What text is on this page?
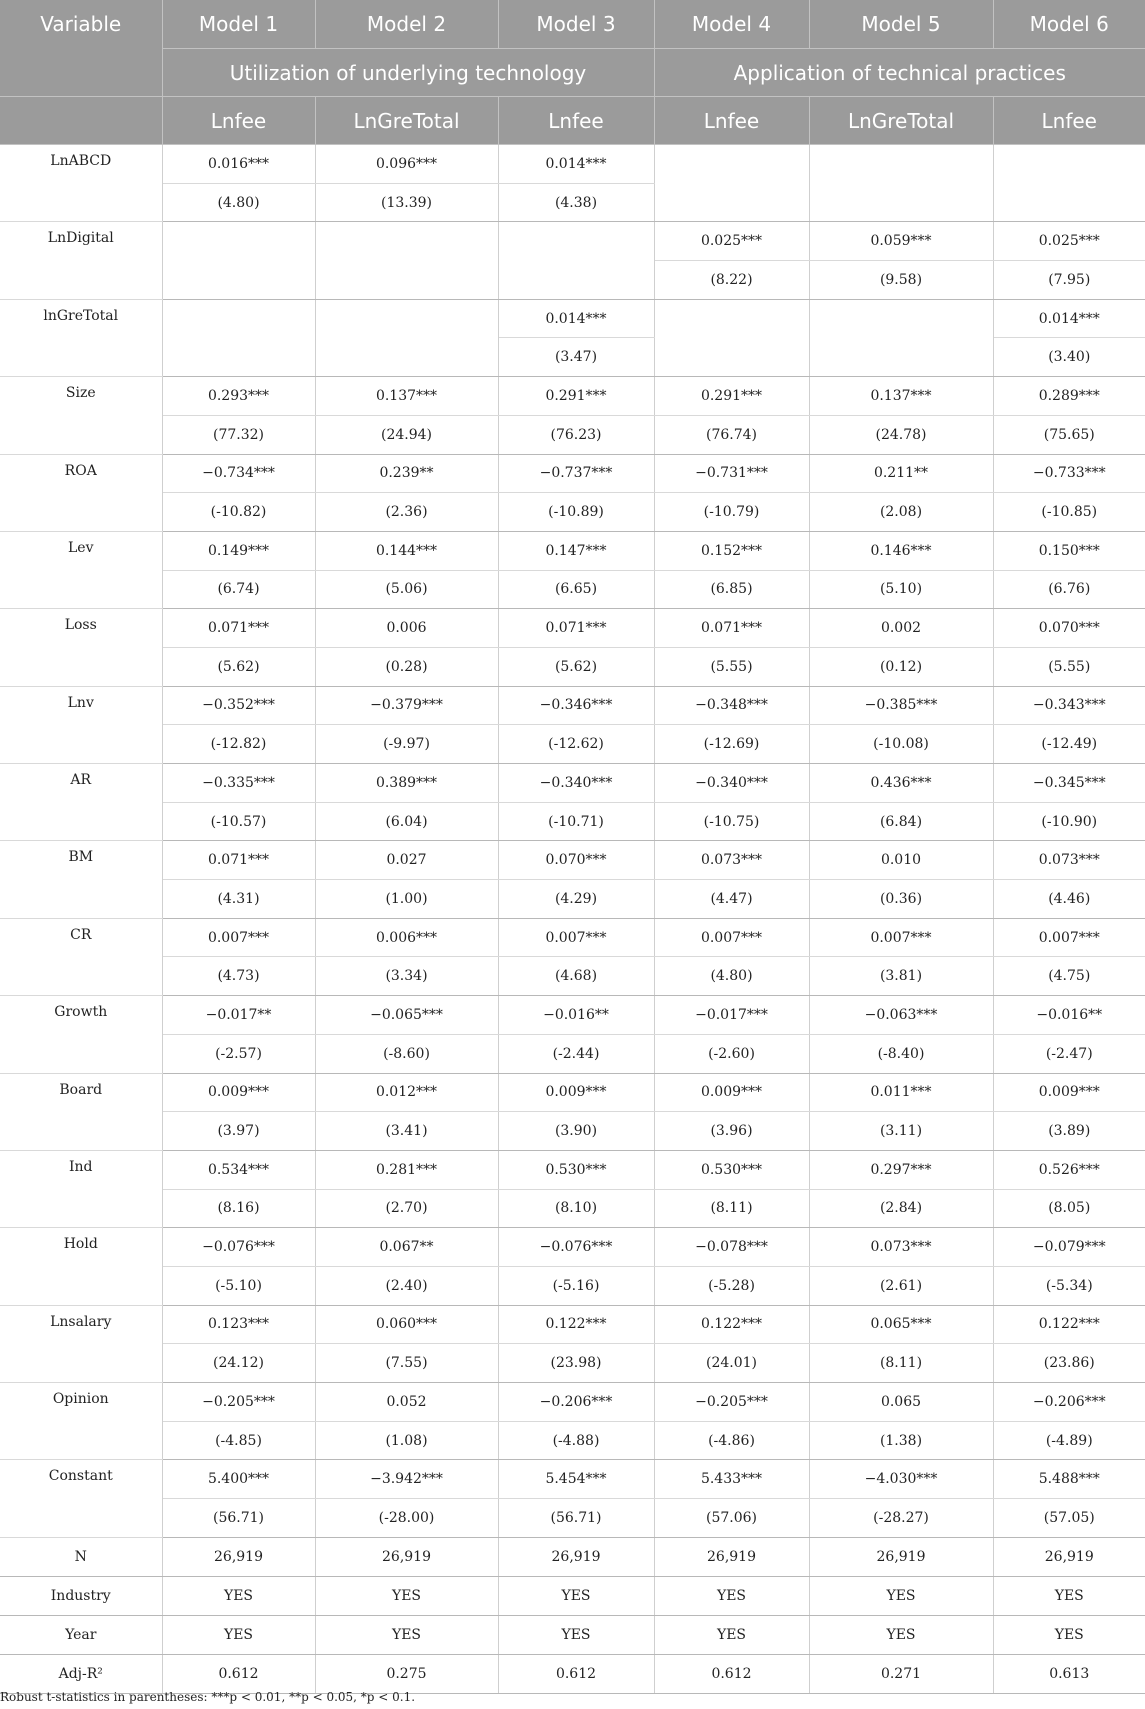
Variable	Model 1	Model 2	Model 3	Model 4	Model 5	Model 6
	Utilization of underlying technology			Application of technical practices		
	Lnfee	LnGreTotal	Lnfee	Lnfee	LnGreTotal	Lnfee
LnABCD	0.016***	0.096***	0.014***			
	(4.80)	(13.39)	(4.38)			
LnDigital				0.025***	0.059***	0.025***
				(8.22)	(9.58)	(7.95)
lnGreTotal			0.014***			0.014***
			(3.47)			(3.40)
Size	0.293***	0.137***	0.291***	0.291***	0.137***	0.289***
	(77.32)	(24.94)	(76.23)	(76.74)	(24.78)	(75.65)
ROA	−0.734***	0.239**	−0.737***	−0.731***	0.211**	−0.733***
	(-10.82)	(2.36)	(-10.89)	(-10.79)	(2.08)	(-10.85)
Lev	0.149***	0.144***	0.147***	0.152***	0.146***	0.150***
	(6.74)	(5.06)	(6.65)	(6.85)	(5.10)	(6.76)
Loss	0.071***	0.006	0.071***	0.071***	0.002	0.070***
	(5.62)	(0.28)	(5.62)	(5.55)	(0.12)	(5.55)
Lnv	−0.352***	−0.379***	−0.346***	−0.348***	−0.385***	−0.343***
	(-12.82)	(-9.97)	(-12.62)	(-12.69)	(-10.08)	(-12.49)
AR	−0.335***	0.389***	−0.340***	−0.340***	0.436***	−0.345***
	(-10.57)	(6.04)	(-10.71)	(-10.75)	(6.84)	(-10.90)
BM	0.071***	0.027	0.070***	0.073***	0.010	0.073***
	(4.31)	(1.00)	(4.29)	(4.47)	(0.36)	(4.46)
CR	0.007***	0.006***	0.007***	0.007***	0.007***	0.007***
	(4.73)	(3.34)	(4.68)	(4.80)	(3.81)	(4.75)
Growth	−0.017**	−0.065***	−0.016**	−0.017***	−0.063***	−0.016**
	(-2.57)	(-8.60)	(-2.44)	(-2.60)	(-8.40)	(-2.47)
Board	0.009***	0.012***	0.009***	0.009***	0.011***	0.009***
	(3.97)	(3.41)	(3.90)	(3.96)	(3.11)	(3.89)
Ind	0.534***	0.281***	0.530***	0.530***	0.297***	0.526***
	(8.16)	(2.70)	(8.10)	(8.11)	(2.84)	(8.05)
Hold	−0.076***	0.067**	−0.076***	−0.078***	0.073***	−0.079***
	(-5.10)	(2.40)	(-5.16)	(-5.28)	(2.61)	(-5.34)
Lnsalary	0.123***	0.060***	0.122***	0.122***	0.065***	0.122***
	(24.12)	(7.55)	(23.98)	(24.01)	(8.11)	(23.86)
Opinion	−0.205***	0.052	−0.206***	−0.205***	0.065	−0.206***
	(-4.85)	(1.08)	(-4.88)	(-4.86)	(1.38)	(-4.89)
Constant	5.400***	−3.942***	5.454***	5.433***	−4.030***	5.488***
	(56.71)	(-28.00)	(56.71)	(57.06)	(-28.27)	(57.05)
N	26,919	26,919	26,919	26,919	26,919	26,919
Industry	YES	YES	YES	YES	YES	YES
Year	YES	YES	YES	YES	YES	YES
Adj-R²	0.612	0.275	0.612	0.612	0.271	0.613
Robust t-statistics in parentheses: ***p < 0.01, **p < 0.05, *p < 0.1.
